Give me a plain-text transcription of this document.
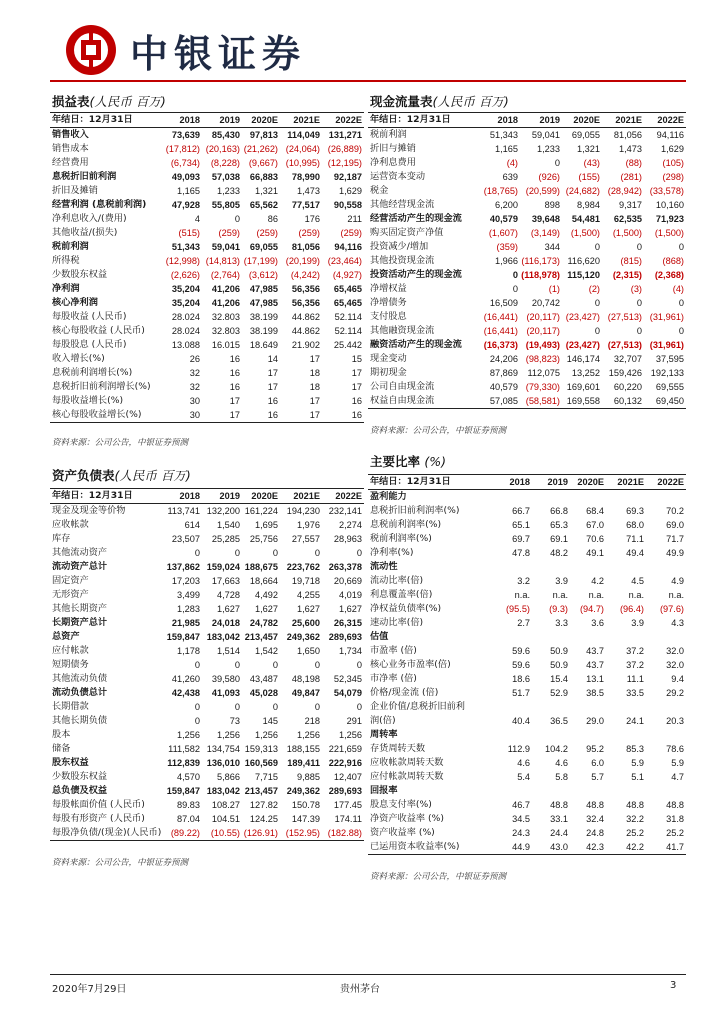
中银证券
损益表(人民币 百万)
年结日：12月31日	2018	2019	2020E	2021E	2022E
销售收入	73,639	85,430	97,813	114,049	131,271
销售成本	(17,812)	(20,163)	(21,262)	(24,064)	(26,889)
经营费用	(6,734)	(8,228)	(9,667)	(10,995)	(12,195)
息税折旧前利润	49,093	57,038	66,883	78,990	92,187
折旧及摊销	1,165	1,233	1,321	1,473	1,629
经营利润 (息税前利润)	47,928	55,805	65,562	77,517	90,558
净利息收入/(费用)	4	0	86	176	211
其他收益/(损失)	(515)	(259)	(259)	(259)	(259)
税前利润	51,343	59,041	69,055	81,056	94,116
所得税	(12,998)	(14,813)	(17,199)	(20,199)	(23,464)
少数股东权益	(2,626)	(2,764)	(3,612)	(4,242)	(4,927)
净利润	35,204	41,206	47,985	56,356	65,465
核心净利润	35,204	41,206	47,985	56,356	65,465
每股收益 (人民币)	28.024	32.803	38.199	44.862	52.114
核心每股收益 (人民币)	28.024	32.803	38.199	44.862	52.114
每股股息 (人民币)	13.088	16.015	18.649	21.902	25.442
收入增长(%)	26	16	14	17	15
息税前利润增长(%)	32	16	17	18	17
息税折旧前利润增长(%)	32	16	17	18	17
每股收益增长(%)	30	17	16	17	16
核心每股收益增长(%)	30	17	16	17	16
资料来源：公司公告，中银证券预测
现金流量表(人民币 百万)
年结日：12月31日	2018	2019	2020E	2021E	2022E
税前利润	51,343	59,041	69,055	81,056	94,116
折旧与摊销	1,165	1,233	1,321	1,473	1,629
净利息费用	(4)	0	(43)	(88)	(105)
运营资本变动	639	(926)	(155)	(281)	(298)
税金	(18,765)	(20,599)	(24,682)	(28,942)	(33,578)
其他经营现金流	6,200	898	8,984	9,317	10,160
经营活动产生的现金流	40,579	39,648	54,481	62,535	71,923
购买固定资产净值	(1,607)	(3,149)	(1,500)	(1,500)	(1,500)
投资减少/增加	(359)	344	0	0	0
其他投资现金流	1,966	(116,173)	116,620	(815)	(868)
投资活动产生的现金流	0	(118,978)	115,120	(2,315)	(2,368)
净增权益	0	(1)	(2)	(3)	(4)
净增债务	16,509	20,742	0	0	0
支付股息	(16,441)	(20,117)	(23,427)	(27,513)	(31,961)
其他融资现金流	(16,441)	(20,117)	0	0	0
融资活动产生的现金流	(16,373)	(19,493)	(23,427)	(27,513)	(31,961)
现金变动	24,206	(98,823)	146,174	32,707	37,595
期初现金	87,869	112,075	13,252	159,426	192,133
公司自由现金流	40,579	(79,330)	169,601	60,220	69,555
权益自由现金流	57,085	(58,581)	169,558	60,132	69,450
资料来源：公司公告，中银证券预测
资产负债表(人民币 百万)
年结日：12月31日	2018	2019	2020E	2021E	2022E
现金及现金等价物	113,741	132,200	161,224	194,230	232,141
应收帐款	614	1,540	1,695	1,976	2,274
库存	23,507	25,285	25,756	27,557	28,963
其他流动资产	0	0	0	0	0
流动资产总计	137,862	159,024	188,675	223,762	263,378
固定资产	17,203	17,663	18,664	19,718	20,669
无形资产	3,499	4,728	4,492	4,255	4,019
其他长期资产	1,283	1,627	1,627	1,627	1,627
长期资产总计	21,985	24,018	24,782	25,600	26,315
总资产	159,847	183,042	213,457	249,362	289,693
应付帐款	1,178	1,514	1,542	1,650	1,734
短期债务	0	0	0	0	0
其他流动负债	41,260	39,580	43,487	48,198	52,345
流动负债总计	42,438	41,093	45,028	49,847	54,079
长期借款	0	0	0	0	0
其他长期负债	0	73	145	218	291
股本	1,256	1,256	1,256	1,256	1,256
储备	111,582	134,754	159,313	188,155	221,659
股东权益	112,839	136,010	160,569	189,411	222,916
少数股东权益	4,570	5,866	7,715	9,885	12,407
总负债及权益	159,847	183,042	213,457	249,362	289,693
每股帐面价值 (人民币)	89.83	108.27	127.82	150.78	177.45
每股有形资产 (人民币)	87.04	104.51	124.25	147.39	174.11
每股净负债/(现金)(人民币)	(89.22)	(10.55)	(126.91)	(152.95)	(182.88)
资料来源：公司公告，中银证券预测
主要比率 (%)
年结日：12月31日	2018	2019	2020E	2021E	2022E
盈利能力					
息税折旧前利润率(%)	66.7	66.8	68.4	69.3	70.2
息税前利润率(%)	65.1	65.3	67.0	68.0	69.0
税前利润率(%)	69.7	69.1	70.6	71.1	71.7
净利率(%)	47.8	48.2	49.1	49.4	49.9
流动性					
流动比率(倍)	3.2	3.9	4.2	4.5	4.9
利息覆盖率(倍)	n.a.	n.a.	n.a.	n.a.	n.a.
净权益负债率(%)	(95.5)	(9.3)	(94.7)	(96.4)	(97.6)
速动比率(倍)	2.7	3.3	3.6	3.9	4.3
估值					
市盈率 (倍)	59.6	50.9	43.7	37.2	32.0
核心业务市盈率(倍)	59.6	50.9	43.7	37.2	32.0
市净率 (倍)	18.6	15.4	13.1	11.1	9.4
价格/现金流 (倍)	51.7	52.9	38.5	33.5	29.2
企业价值/息税折旧前利					
润(倍)	40.4	36.5	29.0	24.1	20.3
周转率					
存货周转天数	112.9	104.2	95.2	85.3	78.6
应收帐款周转天数	4.6	4.6	6.0	5.9	5.9
应付帐款周转天数	5.4	5.8	5.7	5.1	4.7
回报率					
股息支付率(%)	46.7	48.8	48.8	48.8	48.8
净资产收益率 (%)	34.5	33.1	32.4	32.2	31.8
资产收益率 (%)	24.3	24.4	24.8	25.2	25.2
已运用资本收益率(%)	44.9	43.0	42.3	42.2	41.7
资料来源：公司公告，中银证券预测
2020年7月29日	贵州茅台	3
